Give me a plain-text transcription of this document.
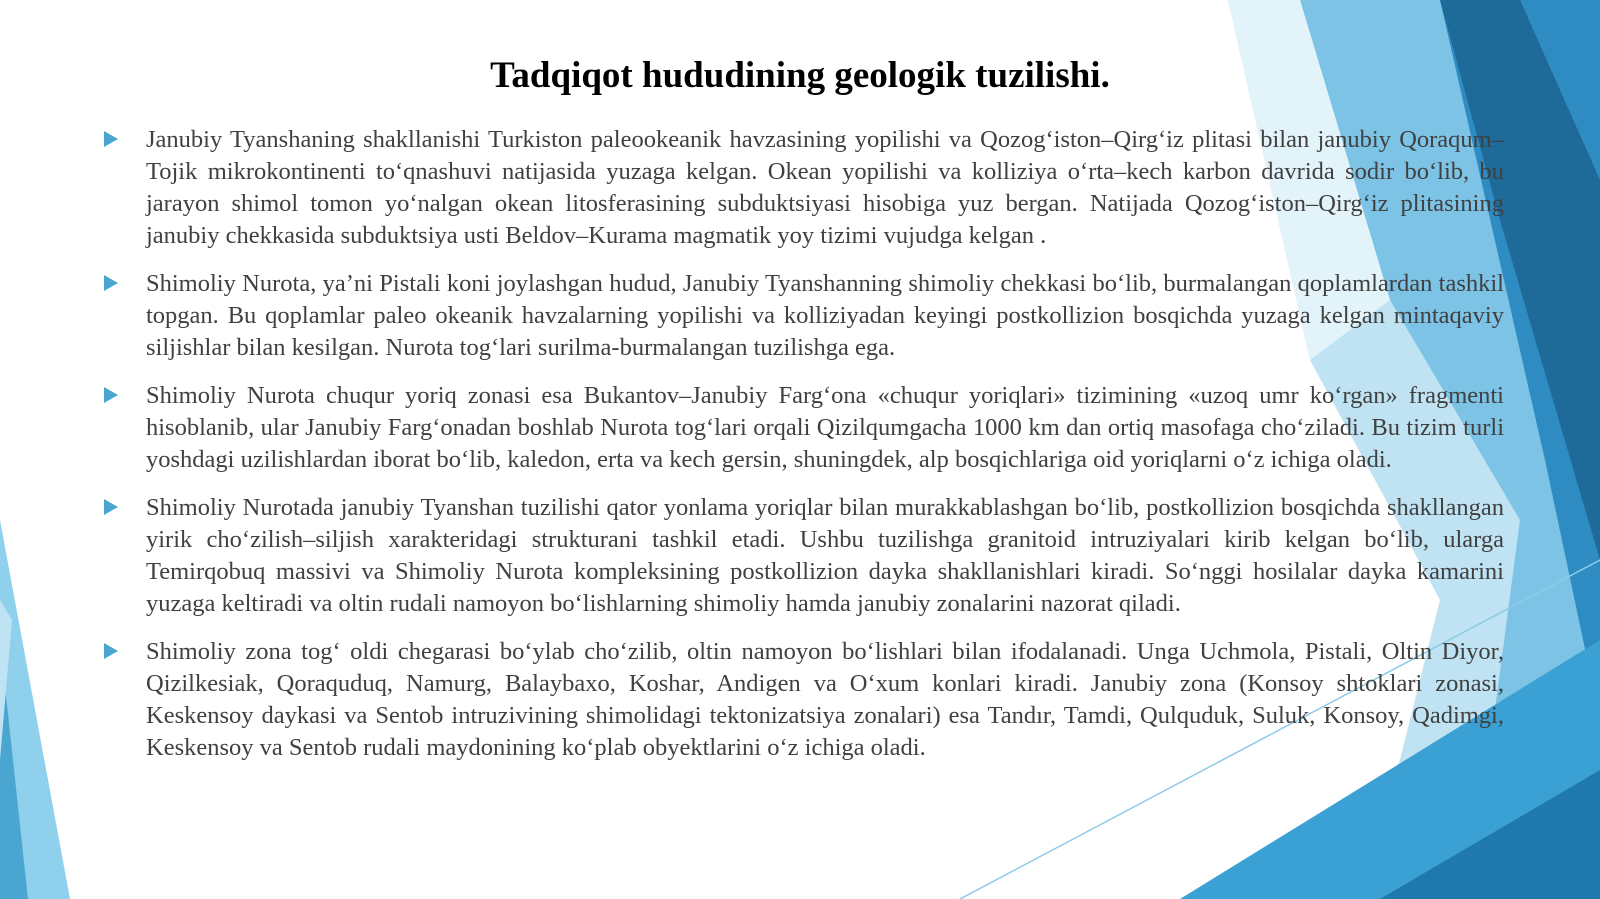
Tadqiqot hududining geologik tuzilishi.
Janubiy Tyanshaning shakllanishi Turkiston paleookeanik havzasining yopilishi va Qozog‘iston–Qirg‘iz plitasi bilan janubiy Qoraqum–Tojik mikrokontinenti to‘qnashuvi natijasida yuzaga kelgan. Okean yopilishi va kolliziya o‘rta–kech karbon davrida sodir bo‘lib, bu jarayon shimol tomon yo‘nalgan okean litosferasining subduktsiyasi hisobiga yuz bergan. Natijada Qozog‘iston–Qirg‘iz plitasining janubiy chekkasida subduktsiya usti Beldov–Kurama magmatik yoy tizimi vujudga kelgan .
Shimoliy Nurota, ya’ni Pistali koni joylashgan hudud, Janubiy Tyanshanning shimoliy chekkasi bo‘lib, burmalangan qoplamlardan tashkil topgan. Bu qoplamlar paleo okeanik havzalarning yopilishi va kolliziyadan keyingi postkollizion bosqichda yuzaga kelgan mintaqaviy siljishlar bilan kesilgan. Nurota tog‘lari surilma-burmalangan tuzilishga ega.
Shimoliy Nurota chuqur yoriq zonasi esa Bukantov–Janubiy Farg‘ona «chuqur yoriqlari» tizimining «uzoq umr ko‘rgan» fragmenti hisoblanib, ular Janubiy Farg‘onadan boshlab Nurota tog‘lari orqali Qizilqumgacha 1000 km dan ortiq masofaga cho‘ziladi. Bu tizim turli yoshdagi uzilishlardan iborat bo‘lib, kaledon, erta va kech gersin, shuningdek, alp bosqichlariga oid yoriqlarni o‘z ichiga oladi.
Shimoliy Nurotada janubiy Tyanshan tuzilishi qator yonlama yoriqlar bilan murakkablashgan bo‘lib, postkollizion bosqichda shakllangan yirik cho‘zilish–siljish xarakteridagi strukturani tashkil etadi. Ushbu tuzilishga granitoid intruziyalari kirib kelgan bo‘lib, ularga Temirqobuq massivi va Shimoliy Nurota kompleksining postkollizion dayka shakllanishlari kiradi. So‘nggi hosilalar dayka kamarini yuzaga keltiradi va oltin rudali namoyon bo‘lishlarning shimoliy hamda janubiy zonalarini nazorat qiladi.
Shimoliy zona tog‘ oldi chegarasi bo‘ylab cho‘zilib, oltin namoyon bo‘lishlari bilan ifodalanadi. Unga Uchmola, Pistali, Oltin Diyor, Qizilkesiak, Qoraquduq, Namurg, Balaybaxo, Koshar, Andigen va O‘xum konlari kiradi. Janubiy zona (Konsoy shtoklari zonasi, Keskensoy daykasi va Sentob intruzivining shimolidagi tektonizatsiya zonalari) esa Tandır, Tamdi, Qulquduk, Suluk, Konsoy, Qadimgi, Keskensoy va Sentob rudali maydonining ko‘plab obyektlarini o‘z ichiga oladi.
